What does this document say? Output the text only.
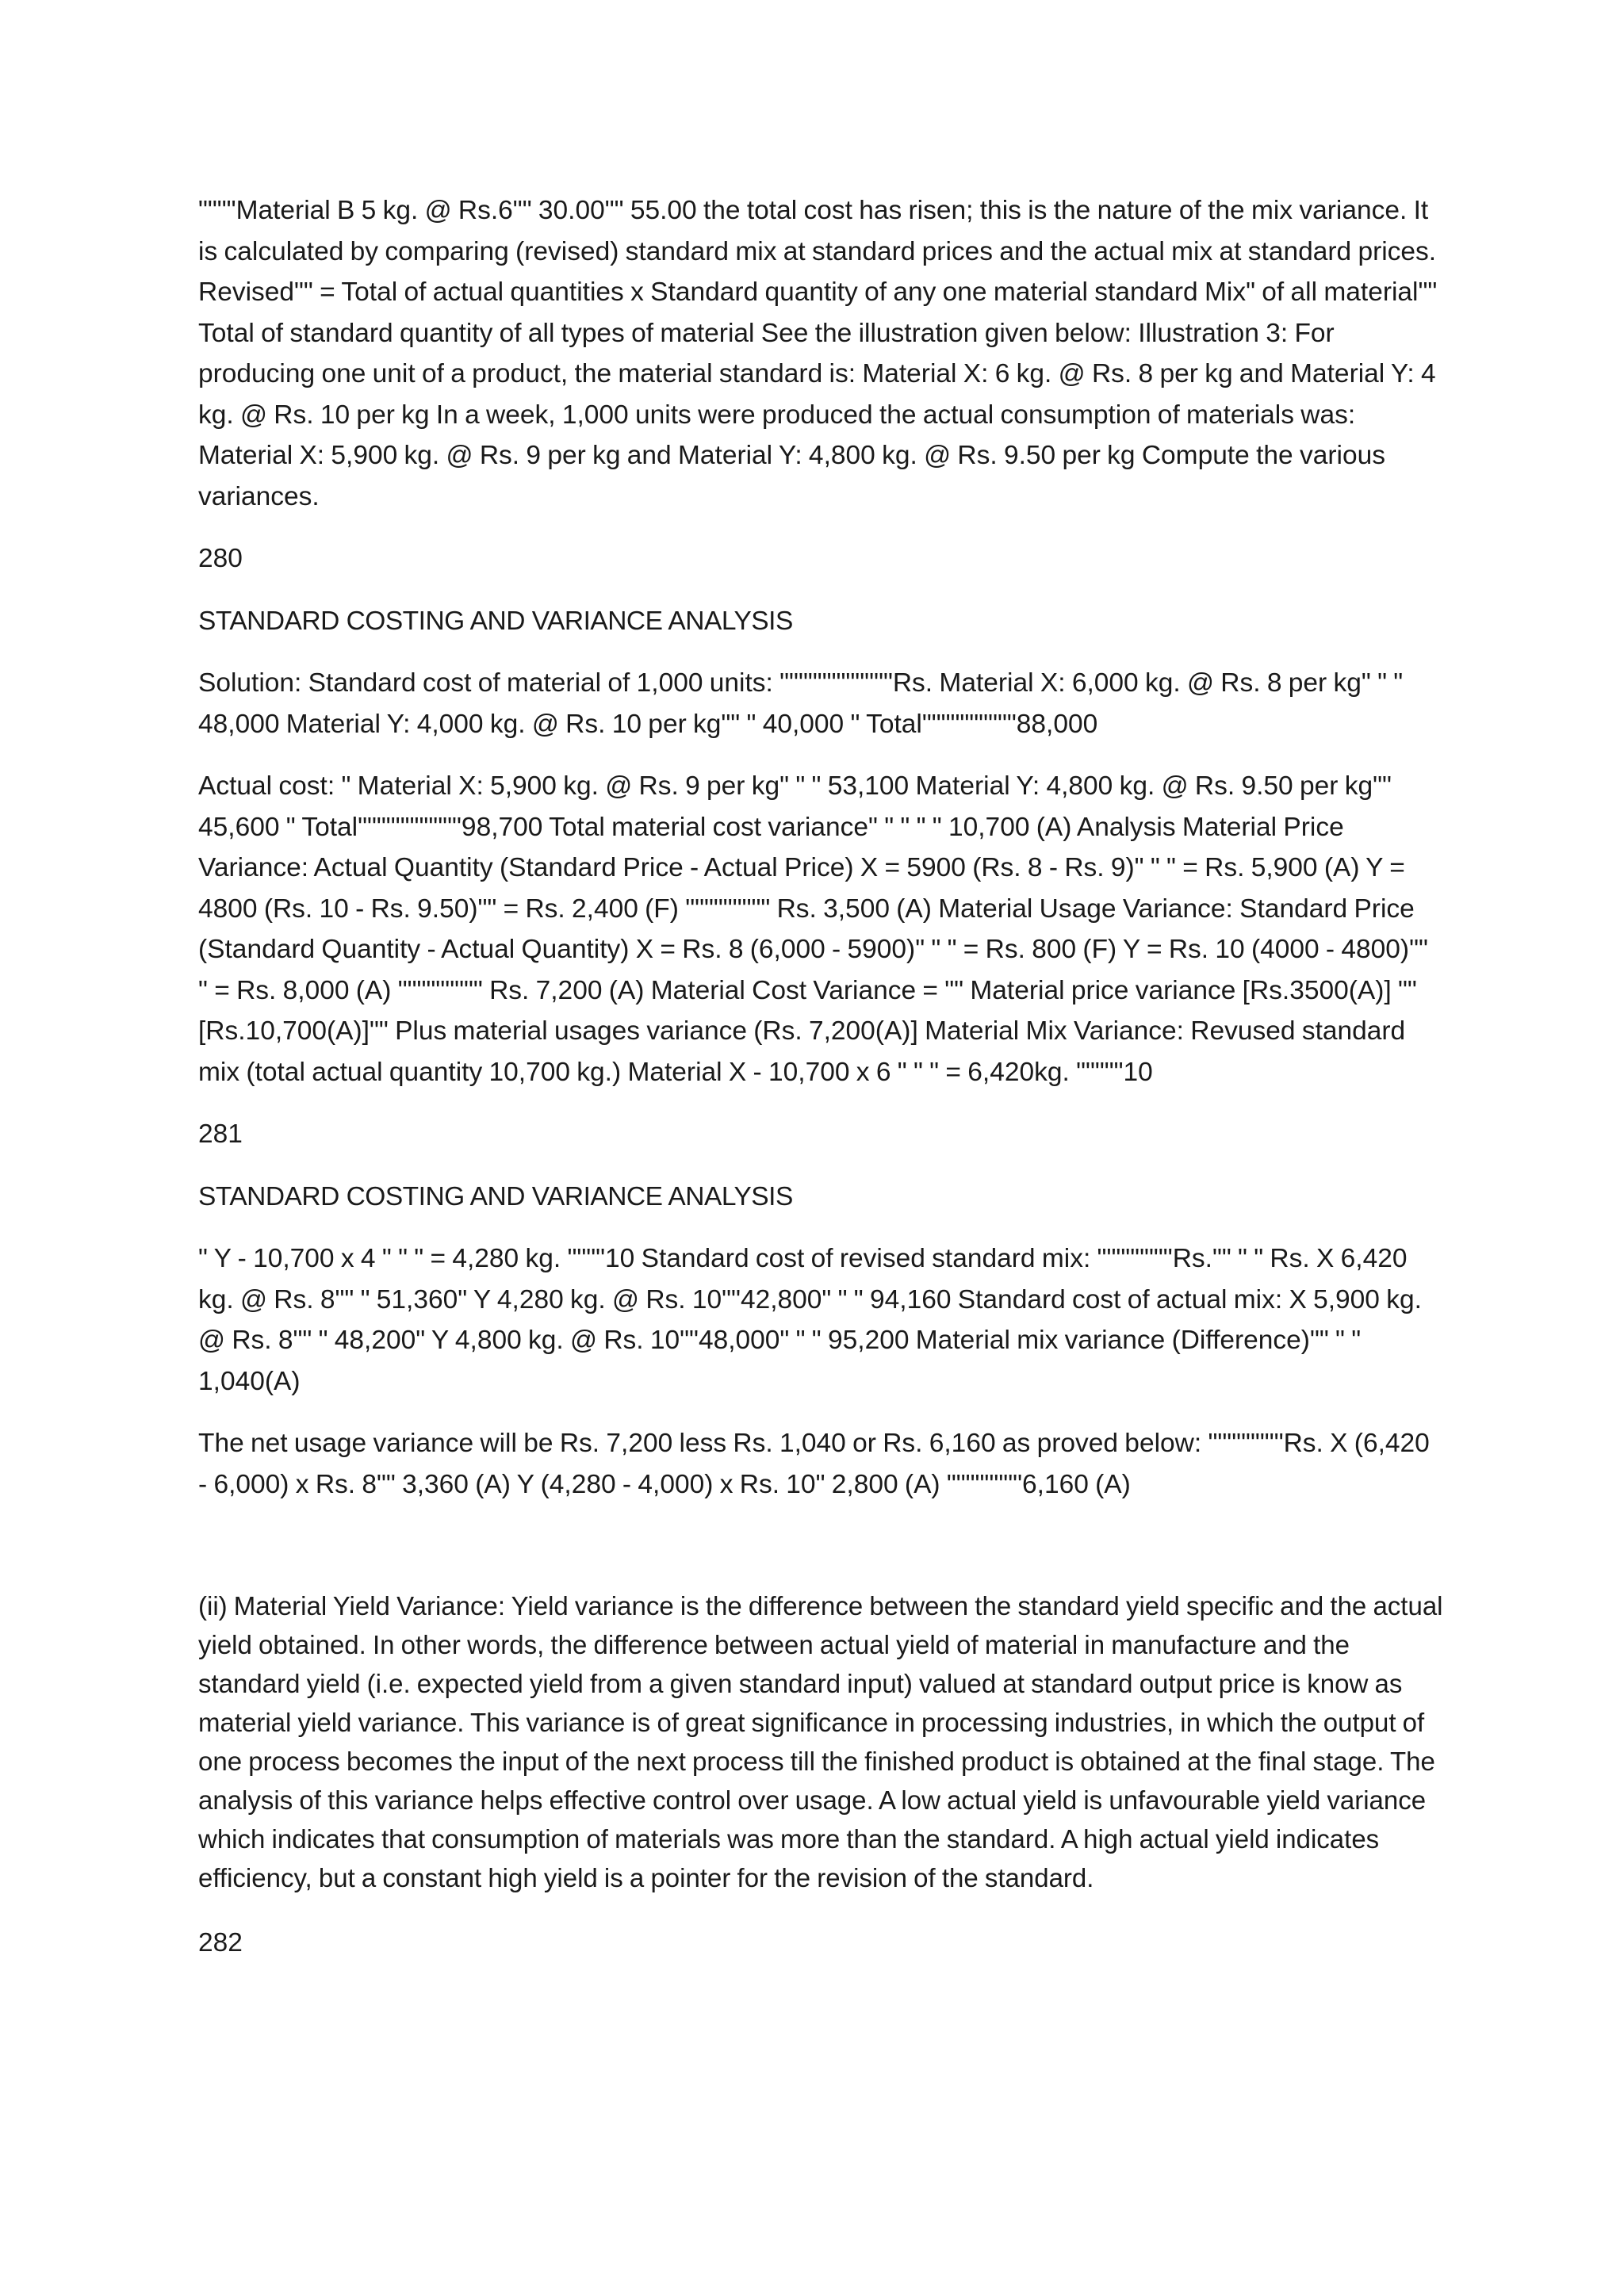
""""Material B 5 kg. @ Rs.6"" 30.00"" 55.00 the total cost has risen; this is the nature of the mix variance. It is calculated by comparing (revised) standard mix at standard prices and the actual mix at standard prices. Revised"" = Total of actual quantities x Standard quantity of any one material standard Mix" of all material"" Total of standard quantity of all types of material See the illustration given below: Illustration 3: For producing one unit of a product, the material standard is: Material X: 6 kg. @ Rs. 8 per kg and Material Y: 4 kg. @ Rs. 10 per kg In a week, 1,000 units were produced the actual consumption of materials was: Material X: 5,900 kg. @ Rs. 9 per kg and Material Y: 4,800 kg. @ Rs. 9.50 per kg Compute the various variances.

280

STANDARD COSTING AND VARIANCE ANALYSIS

Solution: Standard cost of material of 1,000 units: """"""""""""Rs. Material X: 6,000 kg. @ Rs. 8 per kg" " " 48,000 Material Y: 4,000 kg. @ Rs. 10 per kg"" " 40,000 " Total""""""""""88,000

Actual cost: " Material X: 5,900 kg. @ Rs. 9 per kg" " " 53,100 Material Y: 4,800 kg. @ Rs. 9.50 per kg"" 45,600 " Total"""""""""""98,700 Total material cost variance" " " " " 10,700 (A) Analysis Material Price Variance: Actual Quantity (Standard Price - Actual Price) X = 5900 (Rs. 8 - Rs. 9)" " " = Rs. 5,900 (A) Y = 4800 (Rs. 10 - Rs. 9.50)"" = Rs. 2,400 (F) """"""""" Rs. 3,500 (A) Material Usage Variance: Standard Price (Standard Quantity - Actual Quantity) X = Rs. 8 (6,000 - 5900)" " " = Rs. 800 (F) Y = Rs. 10 (4000 - 4800)"" " = Rs. 8,000 (A) """"""""" Rs. 7,200 (A) Material Cost Variance = "" Material price variance [Rs.3500(A)] ""[Rs.10,700(A)]"" Plus material usages variance (Rs. 7,200(A)] Material Mix Variance: Revused standard mix (total actual quantity 10,700 kg.) Material X - 10,700 x 6 " " " = 6,420kg. """""10

281

STANDARD COSTING AND VARIANCE ANALYSIS

" Y - 10,700 x 4 " " " = 4,280 kg. """"10 Standard cost of revised standard mix: """"""""Rs."" " " Rs. X 6,420 kg. @ Rs. 8"" " 51,360" Y 4,280 kg. @ Rs. 10""42,800" " " 94,160 Standard cost of actual mix: X 5,900 kg. @ Rs. 8"" " 48,200" Y 4,800 kg. @ Rs. 10""48,000" " " 95,200 Material mix variance (Difference)"" " " 1,040(A)

The net usage variance will be Rs. 7,200 less Rs. 1,040 or Rs. 6,160 as proved below: """"""""Rs. X (6,420 - 6,000) x Rs. 8"" 3,360 (A) Y (4,280 - 4,000) x Rs. 10" 2,800 (A) """"""""6,160 (A)

(ii) Material Yield Variance: Yield variance is the difference between the standard yield specific and the actual yield obtained. In other words, the difference between actual yield of material in manufacture and the standard yield (i.e. expected yield from a given standard input) valued at standard output price is know as material yield variance. This variance is of great significance in processing industries, in which the output of one process becomes the input of the next process till the finished product is obtained at the final stage. The analysis of this variance helps effective control over usage. A low actual yield is unfavourable yield variance which indicates that consumption of materials was more than the standard. A high actual yield indicates efficiency, but a constant high yield is a pointer for the revision of the standard.

282
